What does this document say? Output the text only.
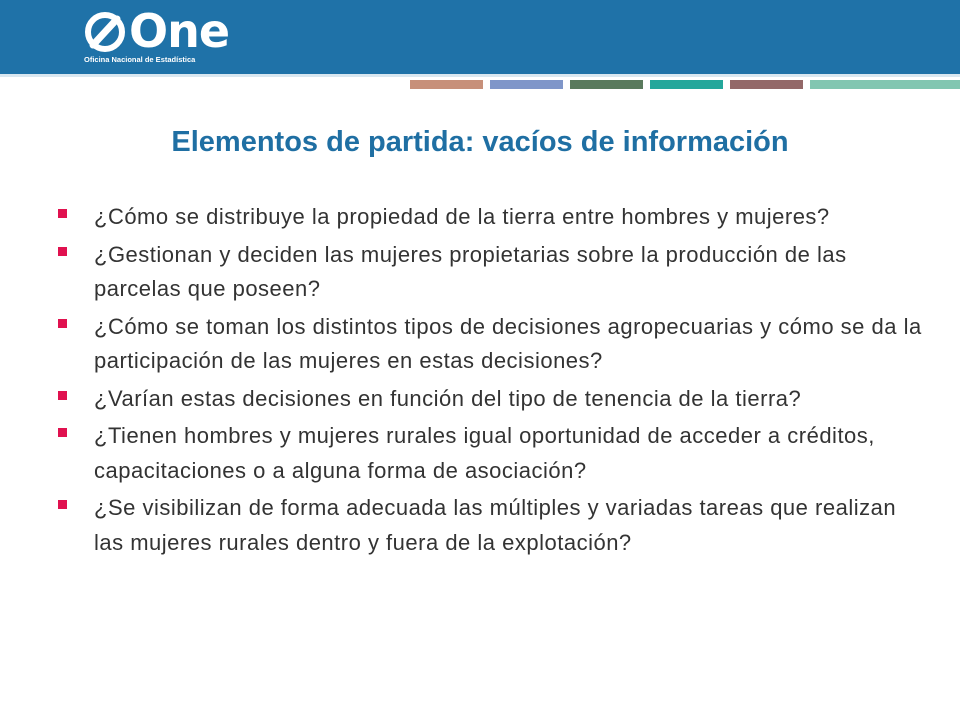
One
Oficina Nacional de Estadística
Elementos de partida: vacíos de información
¿Cómo se distribuye la propiedad de la tierra entre hombres y mujeres?
¿Gestionan y deciden las mujeres propietarias sobre la producción de las parcelas que poseen?
¿Cómo se toman los distintos tipos de decisiones agropecuarias y cómo se da la participación de las mujeres en estas decisiones?
¿Varían estas decisiones en función del tipo de tenencia de la tierra?
¿Tienen hombres y mujeres rurales igual oportunidad de acceder a créditos, capacitaciones o a alguna forma de asociación?
¿Se visibilizan de forma adecuada las múltiples y variadas tareas que realizan las mujeres rurales dentro y fuera de la explotación?
